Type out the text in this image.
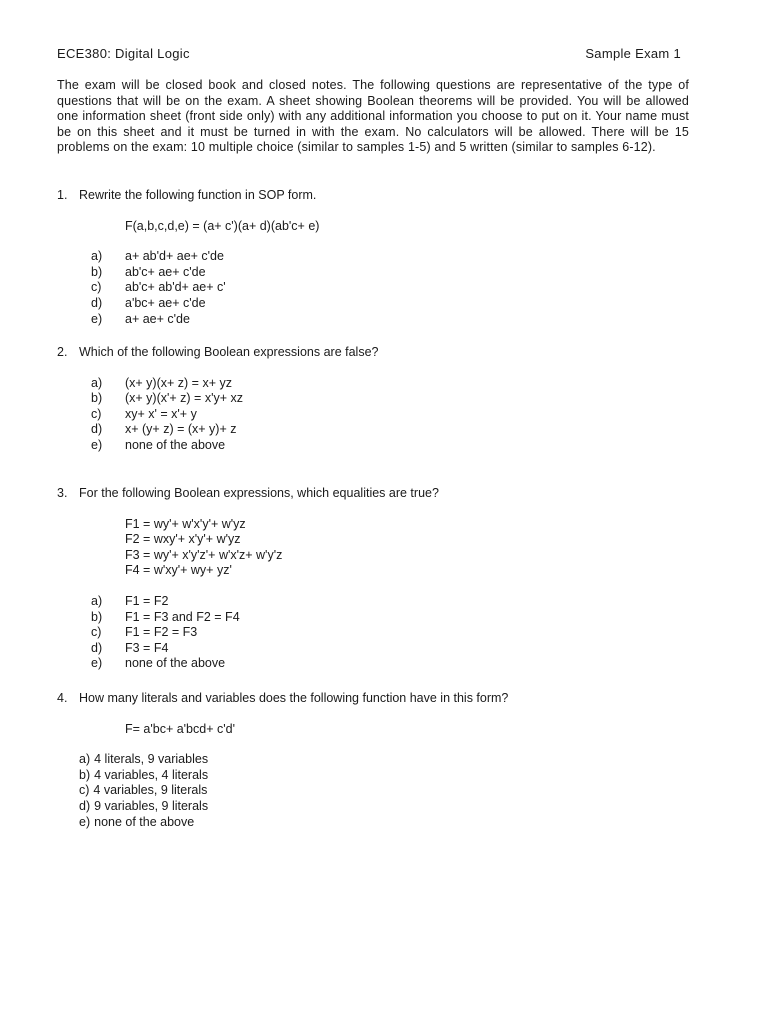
ECE380: Digital Logic	Sample Exam 1
The exam will be closed book and closed notes. The following questions are representative of the type of questions that will be on the exam. A sheet showing Boolean theorems will be provided. You will be allowed one information sheet (front side only) with any additional information you choose to put on it. Your name must be on this sheet and it must be turned in with the exam. No calculators will be allowed. There will be 15 problems on the exam: 10 multiple choice (similar to samples 1-5) and 5 written (similar to samples 6-12).
1. Rewrite the following function in SOP form.
F(a,b,c,d,e) = (a+ c')(a+ d)(ab'c+ e)
a)	a+ ab'd+ ae+ c'de
b)	ab'c+ ae+ c'de
c)	ab'c+ ab'd+ ae+ c'
d)	a'bc+ ae+ c'de
e)	a+ ae+ c'de
2. Which of the following Boolean expressions are false?
a)	(x+ y)(x+ z) = x+ yz
b)	(x+ y)(x'+ z) = x'y+ xz
c)	xy+ x' = x'+ y
d)	x+ (y+ z) = (x+ y)+ z
e)	none of the above
3. For the following Boolean expressions, which equalities are true?
F1 = wy'+ w'x'y'+ w'yz
F2 = wxy'+ x'y'+ w'yz
F3 = wy'+ x'y'z'+ w'x'z+ w'y'z
F4 = w'xy'+ wy+ yz'
a)	F1 = F2
b)	F1 = F3 and F2 = F4
c)	F1 = F2 = F3
d)	F3 = F4
e)	none of the above
4. How many literals and variables does the following function have in this form?
F= a'bc+ a'bcd+ c'd'
a) 4 literals, 9 variables
b) 4 variables, 4 literals
c) 4 variables, 9 literals
d) 9 variables, 9 literals
e) none of the above
